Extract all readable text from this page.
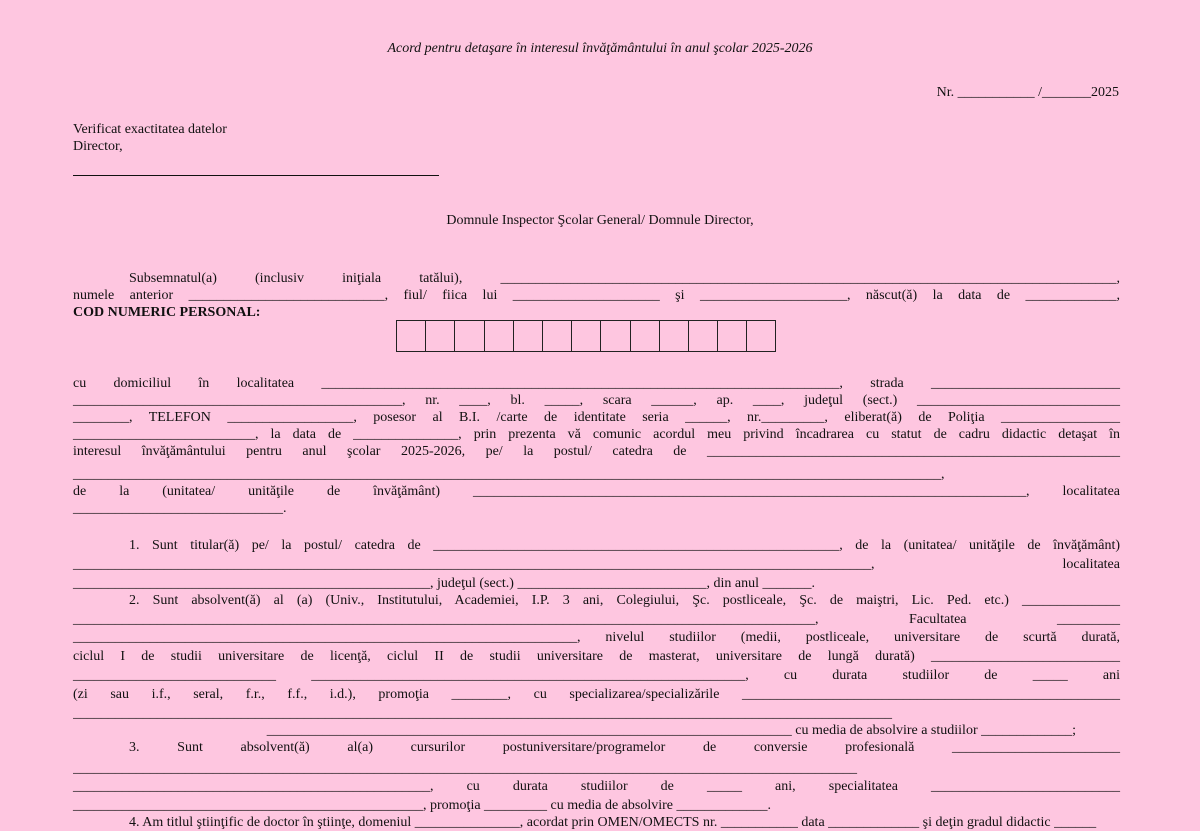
Acord pentru detaşare în interesul învăţământului în anul şcolar 2025-2026
Nr. ___________ /_______2025
Verificat exactitatea datelor
Director,
Domnule Inspector Şcolar General/ Domnule Director,
Subsemnatul(a) (inclusiv iniţiala tatălui), ________________________________________________________________________________________,
numele anterior ____________________________, fiul/ fiica lui _____________________ şi _____________________, născut(ă) la data de _____________,
COD NUMERIC PERSONAL:
cu domiciliul în localitatea __________________________________________________________________________, strada ___________________________
_______________________________________________, nr. ____, bl. _____, scara ______, ap. ____, judeţul (sect.) _____________________________
________, TELEFON __________________, posesor al B.I. /carte de identitate seria ______, nr._________, eliberat(ă) de Poliţia _________________
__________________________, la data de _______________, prin prezenta vă comunic acordul meu privind încadrarea cu statut de cadru didactic detaşat în
interesul învăţământului pentru anul şcolar 2025-2026, pe/ la postul/ catedra de ___________________________________________________________
____________________________________________________________________________________________________________________________,
de la (unitatea/ unităţile de învăţământ) _______________________________________________________________________________, localitatea
______________________________.
1. Sunt titular(ă) pe/ la postul/ catedra de __________________________________________________________, de la (unitatea/ unităţile de învăţământ)
__________________________________________________________________________________________________________________, localitatea
___________________________________________________, judeţul (sect.) ___________________________, din anul _______.
2. Sunt absolvent(ă) al (a) (Univ., Institutului, Academiei, I.P. 3 ani, Colegiului, Şc. postliceale, Şc. de maiştri, Lic. Ped. etc.) ______________
__________________________________________________________________________________________________________, Facultatea _________
________________________________________________________________________, nivelul studiilor (medii, postliceale, universitare de scurtă durată,
ciclul I de studii universitare de licenţă, ciclul II de studii universitare de masterat, universitare de lungă durată) ___________________________
_____________________________ ______________________________________________________________, cu durata studiilor de _____ ani
(zi sau i.f., seral, f.r., f.f., i.d.), promoţia ________, cu specializarea/specializările ______________________________________________________
_____________________________________________________________________________________________________________________
___________________________________________________________________________ cu media de absolvire a studiilor _____________;
3. Sunt absolvent(ă) al(a) cursurilor postuniversitare/programelor de conversie profesională ________________________
________________________________________________________________________________________________________________
___________________________________________________, cu durata studiilor de _____ ani, specialitatea ___________________________
__________________________________________________, promoţia _________ cu media de absolvire _____________.
4. Am titlul ştiinţific de doctor în ştiinţe, domeniul _______________, acordat prin OMEN/OMECTS nr. ___________ data _____________ şi deţin gradul didactic ______
